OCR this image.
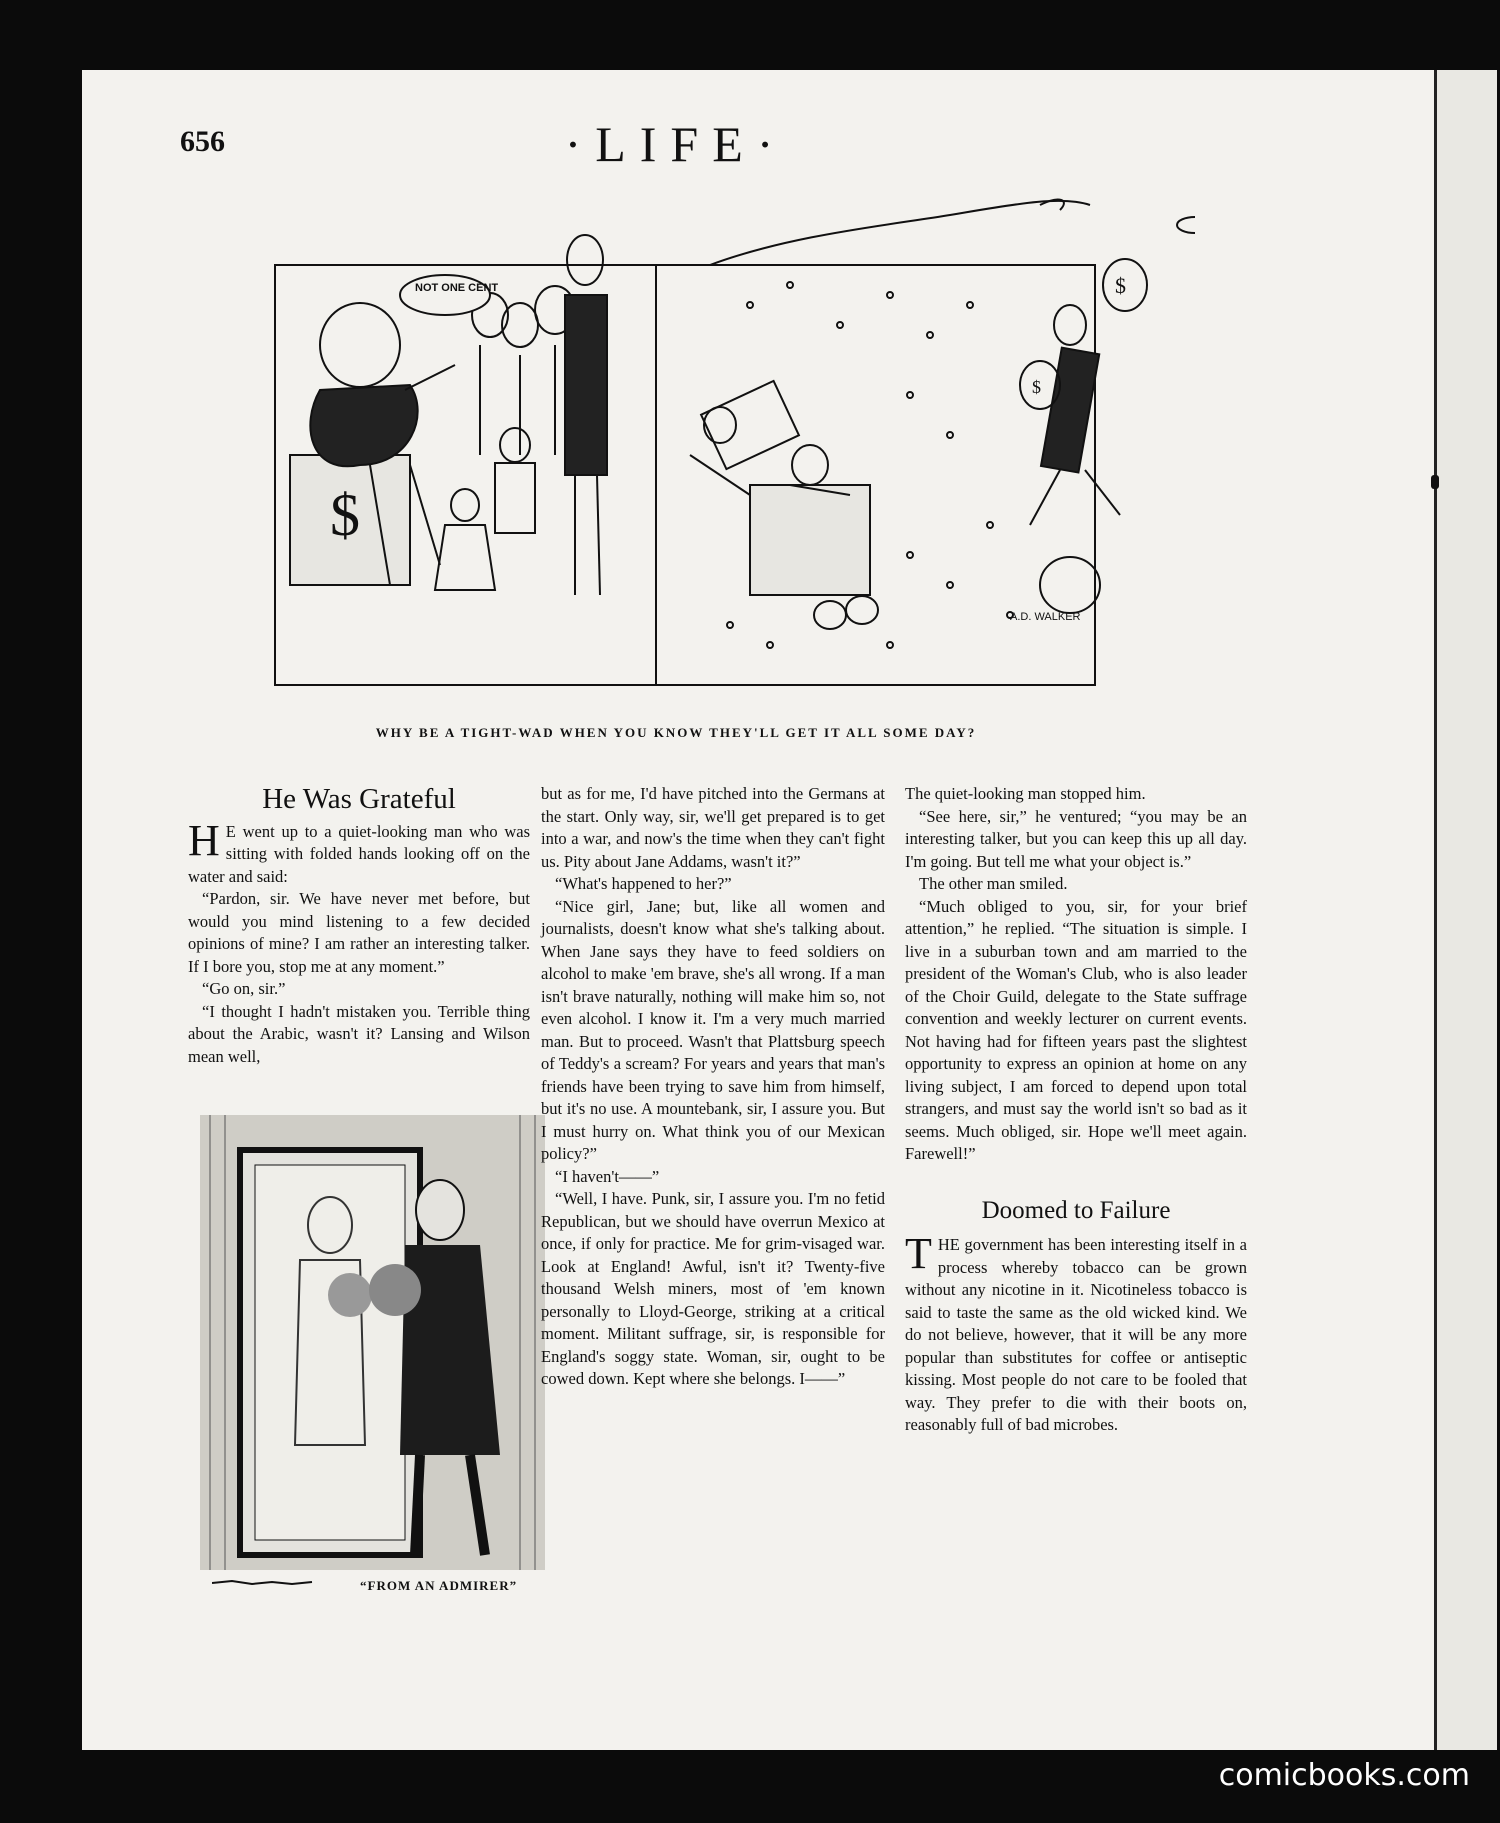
656	·LIFE·
$
NOT ONE CENT	$
$
A.D. WALKER
WHY BE A TIGHT-WAD WHEN YOU KNOW THEY'LL GET IT ALL SOME DAY?
He Was Grateful

H E went up to a quiet-looking man who was sitting with folded hands looking off on the water and said:

“Pardon, sir. We have never met before, but would you mind listening to a few decided opinions of mine? I am rather an interesting talker. If I bore you, stop me at any moment.”

“Go on, sir.”

“I thought I hadn't mistaken you. Terrible thing about the Arabic, wasn't it? Lansing and Wilson mean well,

“FROM AN ADMIRER”

but as for me, I'd have pitched into the Germans at the start. Only way, sir, we'll get prepared is to get into a war, and now's the time when they can't fight us. Pity about Jane Addams, wasn't it?”

“What's happened to her?”

“Nice girl, Jane; but, like all women and journalists, doesn't know what she's talking about. When Jane says they have to feed soldiers on alcohol to make 'em brave, she's all wrong. If a man isn't brave naturally, nothing will make him so, not even alcohol. I know it. I'm a very much married man. But to proceed. Wasn't that Plattsburg speech of Teddy's a scream? For years and years that man's friends have been trying to save him from himself, but it's no use. A mountebank, sir, I assure you. But I must hurry on. What think you of our Mexican policy?”

“I haven't——”

“Well, I have. Punk, sir, I assure you. I'm no fetid Republican, but we should have overrun Mexico at once, if only for practice. Me for grim-visaged war. Look at England! Awful, isn't it? Twenty-five thousand Welsh miners, most of 'em known personally to Lloyd-George, striking at a critical moment. Militant suffrage, sir, is responsible for England's soggy state. Woman, sir, ought to be cowed down. Kept where she belongs. I——”

The quiet-looking man stopped him.

“See here, sir,” he ventured; “you may be an interesting talker, but you can keep this up all day. I'm going. But tell me what your object is.”

The other man smiled.

“Much obliged to you, sir, for your brief attention,” he replied. “The situation is simple. I live in a suburban town and am married to the president of the Woman's Club, who is also leader of the Choir Guild, delegate to the State suffrage convention and weekly lecturer on current events. Not having had for fifteen years past the slightest opportunity to express an opinion at home on any living subject, I am forced to depend upon total strangers, and must say the world isn't so bad as it seems. Much obliged, sir. Hope we'll meet again. Farewell!”

Doomed to Failure

THE government has been interesting itself in a process whereby tobacco can be grown without any nicotine in it. Nicotineless tobacco is said to taste the same as the old wicked kind. We do not believe, however, that it will be any more popular than substitutes for coffee or antiseptic kissing. Most people do not care to be fooled that way. They prefer to die with their boots on, reasonably full of bad microbes.

comicbooks.com
